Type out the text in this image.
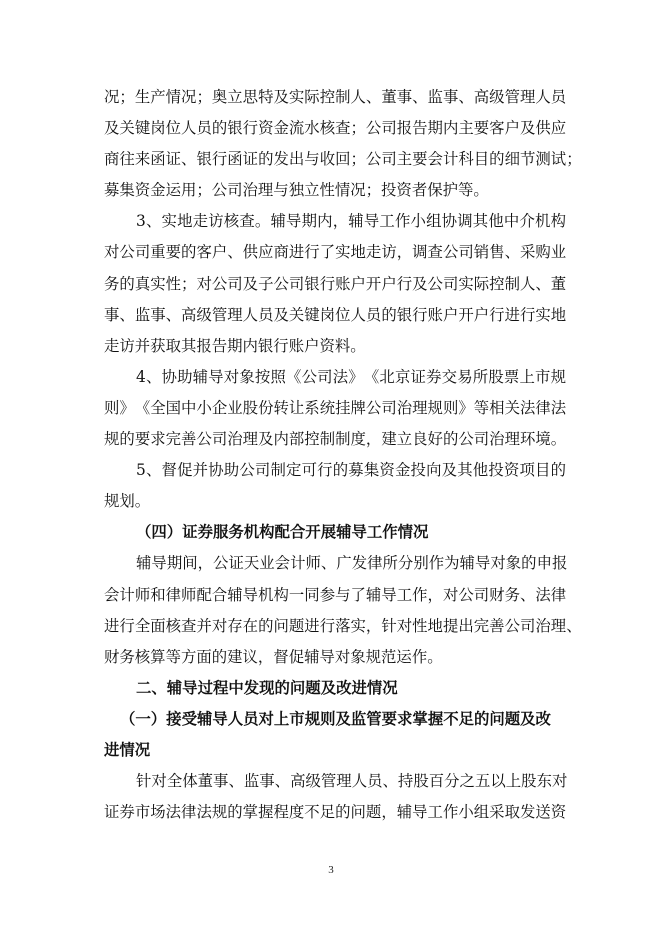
况 ； 生 产 情 况 ； 奥 立 思 特 及 实 际 控 制 人 、 董 事 、 监 事 、 高 级 管 理 人 员
及 关 键 岗 位 人 员 的 银 行 资 金 流 水 核 查 ； 公 司 报 告 期 内 主 要 客 户 及 供 应
商 往 来 函 证 、 银 行 函 证 的 发 出 与 收 回 ； 公 司 主 要 会 计 科 目 的 细 节 测 试 ；
募集资金运用；公司治理与独立性情况；投资者保护等。
3 、 实 地 走 访 核 查 。 辅 导 期 内 ， 辅 导 工 作 小 组 协 调 其 他 中 介 机 构
对 公 司 重 要 的 客 户 、 供 应 商 进 行 了 实 地 走 访 ， 调 查 公 司 销 售 、 采 购 业
务 的 真 实 性 ； 对 公 司 及 子 公 司 银 行 账 户 开 户 行 及 公 司 实 际 控 制 人 、 董
事 、 监 事 、 高 级 管 理 人 员 及 关 键 岗 位 人 员 的 银 行 账 户 开 户 行 进 行 实 地
走访并获取其报告期内银行账户资料。
4 、 协 助 辅 导 对 象 按 照 《 公 司 法 》 《 北 京 证 券 交 易 所 股 票 上 市 规
则 》 《 全 国 中 小 企 业 股 份 转 让 系 统 挂 牌 公 司 治 理 规 则 》 等 相 关 法 律 法
规 的 要 求 完 善 公 司 治 理 及 内 部 控 制 制 度 ， 建 立 良 好 的 公 司 治 理 环 境 。
5 、 督 促 并 协 助 公 司 制 定 可 行 的 募 集 资 金 投 向 及 其 他 投 资 项 目 的
规划。
（四）证券服务机构配合开展辅导工作情况
辅 导 期 间 ， 公 证 天 业 会 计 师 、 广 发 律 所 分 别 作 为 辅 导 对 象 的 申 报
会 计 师 和 律 师 配 合 辅 导 机 构 一 同 参 与 了 辅 导 工 作 ， 对 公 司 财 务 、 法 律
进 行 全 面 核 查 并 对 存 在 的 问 题 进 行 落 实 ， 针 对 性 地 提 出 完 善 公 司 治 理 、
财务核算等方面的建议，督促辅导对象规范运作。
二、辅导过程中发现的问题及改进情况
（一）接受辅导人员对上市规则及监管要求掌握不足的问题及改
进情况
针 对 全 体 董 事 、 监 事 、 高 级 管 理 人 员 、 持 股 百 分 之 五 以 上 股 东 对
证 券 市 场 法 律 法 规 的 掌 握 程 度 不 足 的 问 题 ， 辅 导 工 作 小 组 采 取 发 送 资
3
